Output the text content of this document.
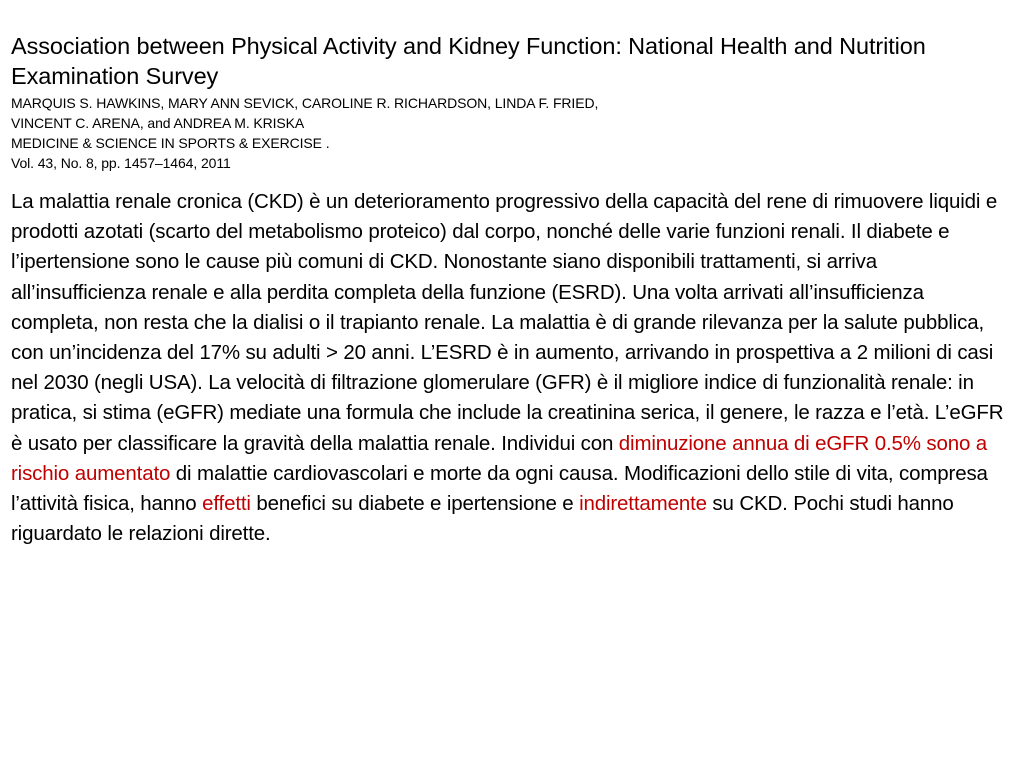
Association between Physical Activity and Kidney Function: National Health and Nutrition Examination Survey

MARQUIS S. HAWKINS, MARY ANN SEVICK, CAROLINE R. RICHARDSON, LINDA F. FRIED,

VINCENT C. ARENA, and ANDREA M. KRISKA

MEDICINE & SCIENCE IN SPORTS & EXERCISE .

Vol. 43, No. 8, pp. 1457–1464, 2011

La malattia renale cronica (CKD) è un deterioramento progressivo della capacità del rene di rimuovere liquidi e prodotti azotati (scarto del metabolismo proteico) dal corpo, nonché delle varie funzioni renali. Il diabete e l’ipertensione sono le cause più comuni di CKD. Nonostante siano disponibili trattamenti, si arriva all’insufficienza renale e alla perdita completa della funzione (ESRD). Una volta arrivati all’insufficienza completa, non resta che la dialisi o il trapianto renale. La malattia è di grande rilevanza per la salute pubblica, con un’incidenza del 17% su adulti > 20 anni. L’ESRD è in aumento, arrivando in prospettiva a 2 milioni di casi nel 2030 (negli USA). La velocità di filtrazione glomerulare (GFR) è il migliore indice di funzionalità renale: in pratica, si stima (eGFR) mediate una formula che include la creatinina serica, il genere, le razza e l’età. L’eGFR è usato per classificare la gravità della malattia renale. Individui con diminuzione annua di eGFR 0.5% sono a rischio aumentato di malattie cardiovascolari e morte da ogni causa. Modificazioni dello stile di vita, compresa l’attività fisica, hanno effetti benefici su diabete e ipertensione e indirettamente su CKD. Pochi studi hanno riguardato le relazioni dirette.
